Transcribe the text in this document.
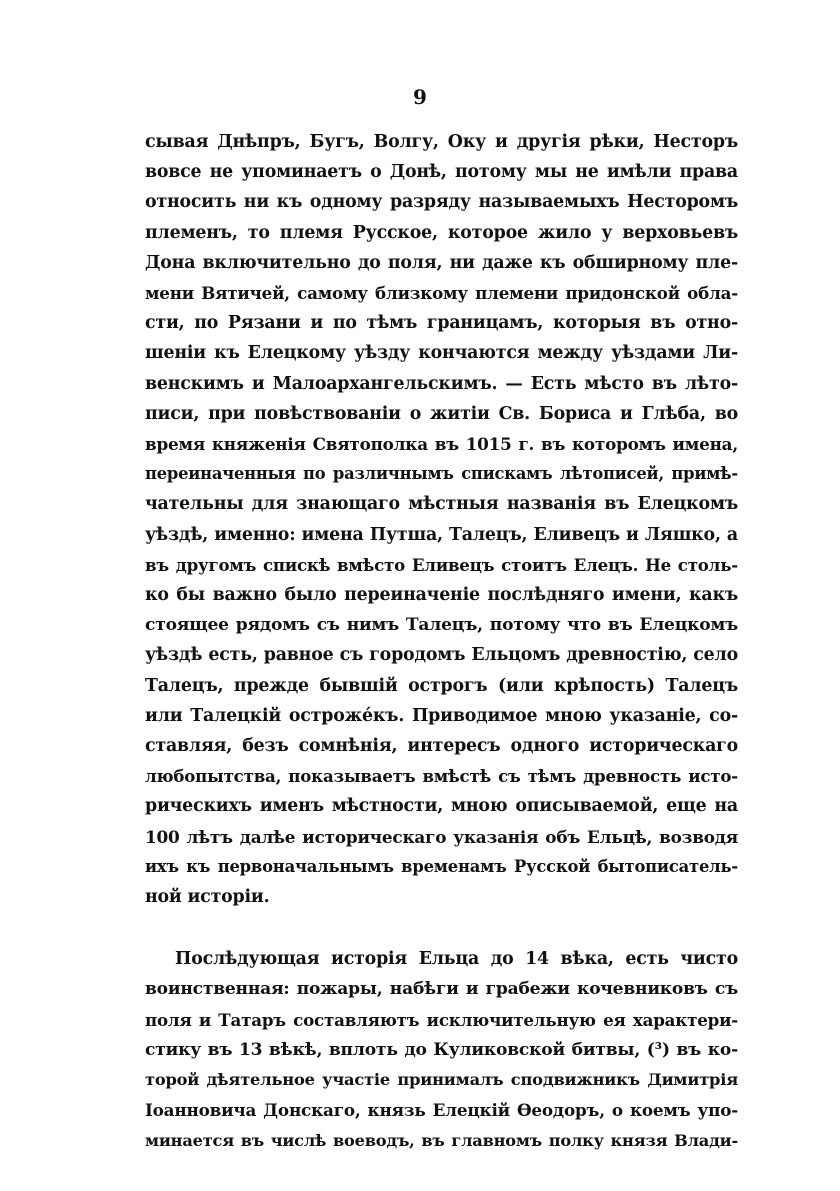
9
сывая Днѣпръ, Бугъ, Волгу, Оку и другія рѣки, Несторъ
вовсе не упоминаетъ о Донѣ, потому мы не имѣли права
относить ни къ одному разряду называемыхъ Несторомъ
племенъ, то племя Русское, которое жило у верховьевъ
Дона включительно до поля, ни даже къ обширному пле-
мени Вятичей, самому близкому племени придонской обла-
сти, по Рязани и по тѣмъ границамъ, которыя въ отно-
шеніи къ Елецкому уѣзду кончаются между уѣздами Ли-
венскимъ и Малоархангельскимъ. — Есть мѣсто въ лѣто-
писи, при повѣствованіи о житіи Св. Бориса и Глѣба, во
время княженія Святополка въ 1015 г. въ которомъ имена,
переиначенныя по различнымъ спискамъ лѣтописей, примѣ-
чательны для знающаго мѣстныя названія въ Елецкомъ
уѣздѣ, именно: имена Путша, Талецъ, Еливецъ и Ляшко, а
въ другомъ спискѣ вмѣсто Еливецъ стоитъ Елецъ. Не столь-
ко бы важно было переиначеніе послѣдняго имени, какъ
стоящее рядомъ съ нимъ Талецъ, потому что въ Елецкомъ
уѣздѣ есть, равное съ городомъ Ельцомъ древностію, село
Талецъ, прежде бывшій острогъ (или крѣпость) Талецъ
или Талецкій остроже́къ. Приводимое мною указаніе, со-
ставляя, безъ сомнѣнія, интересъ одного историческаго
любопытства, показываетъ вмѣстѣ съ тѣмъ древность исто-
рическихъ именъ мѣстности, мною описываемой, еще на
100 лѣтъ далѣе историческаго указанія объ Ельцѣ, возводя
ихъ къ первоначальнымъ временамъ Русской бытописатель-
ной исторіи.
Послѣдующая исторія Ельца до 14 вѣка, есть чисто
воинственная: пожары, набѣги и грабежи кочевниковъ съ
поля и Татаръ составляютъ исключительную ея характери-
стику въ 13 вѣкѣ, вплоть до Куликовской битвы, (³) въ ко-
торой дѣятельное участіе принималъ сподвижникъ Димитрія
Іоанновича Донскаго, князь Елецкій Ѳеодоръ, о коемъ упо-
минается въ числѣ воеводъ, въ главномъ полку князя Влади-
